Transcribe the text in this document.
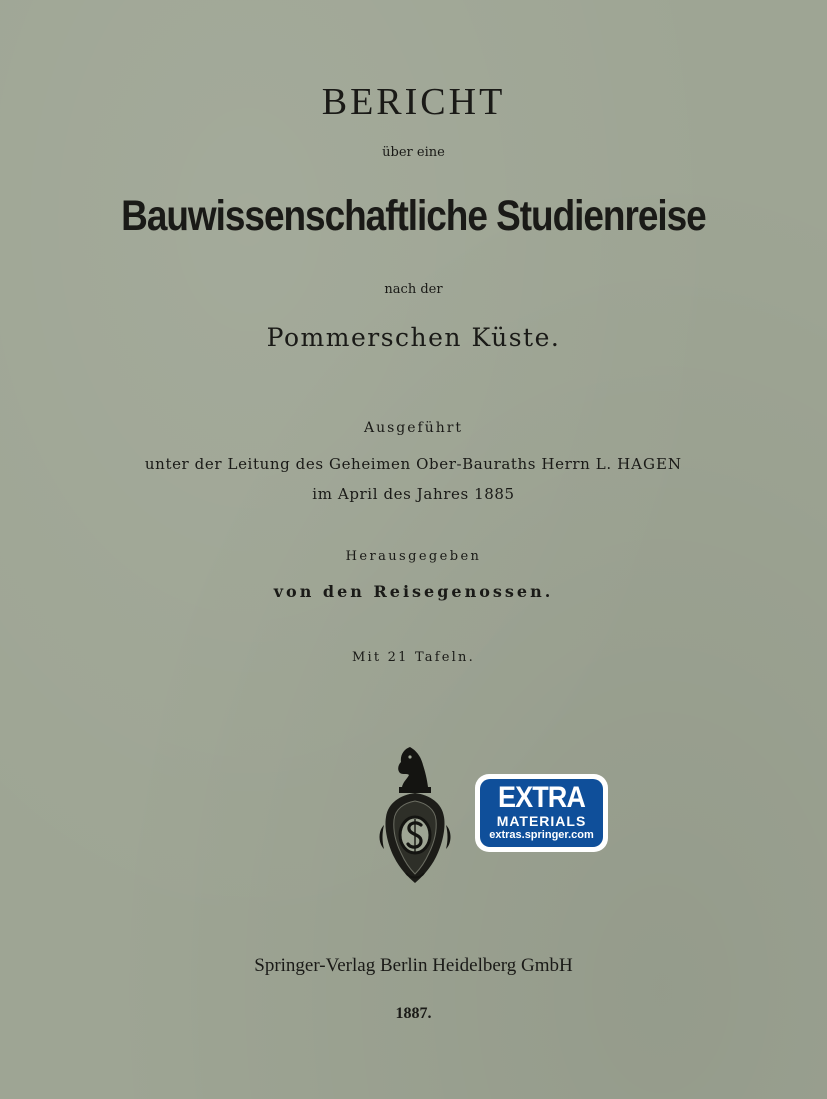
BERICHT
über eine
Bauwissenschaftliche Studienreise
nach der
Pommerschen Küste.
Ausgeführt
unter der Leitung des Geheimen Ober-Bauraths Herrn L. HAGEN
im April des Jahres 1885
Herausgegeben
von den Reisegenossen.
Mit 21 Tafeln.
EXTRA
MATERIALS
extras.springer.com
Springer-Verlag Berlin Heidelberg GmbH
1887.
